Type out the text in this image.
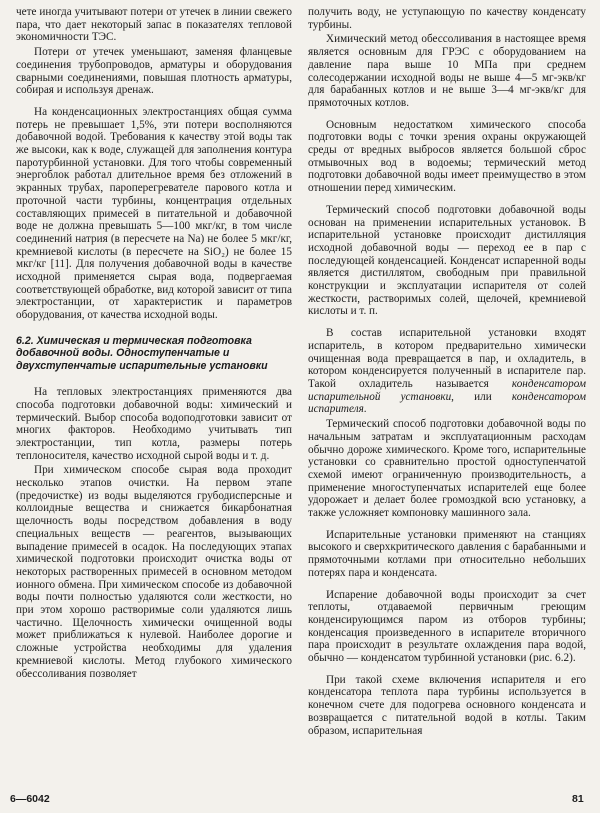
чете иногда учитывают потери от утечек в линии свежего пара, что дает некоторый запас в показателях тепловой экономичности ТЭС.

Потери от утечек уменьшают, заменяя фланцевые соединения трубопроводов, арматуры и оборудования сварными соединениями, повышая плотность арматуры, собирая и используя дренаж.

На конденсационных электростанциях общая сумма потерь не превышает 1,5%, эти потери восполняются добавочной водой. Требования к качеству этой воды так же высоки, как к воде, служащей для заполнения контура паротурбинной установки. Для того чтобы современный энергоблок работал длительное время без отложений в экранных трубах, пароперегревателе парового котла и проточной части турбины, концентрация отдельных составляющих примесей в питательной и добавочной воде не должна превышать 5—100 мкг/кг, в том числе соединений натрия (в пересчете на Na) не более 5 мкг/кг, кремниевой кислоты (в пересчете на SiO₂) не более 15 мкг/кг [11]. Для получения добавочной воды в качестве исходной применяется сырая вода, подвергаемая соответствующей обработке, вид которой зависит от типа электростанции, от характеристик и параметров оборудования, от качества исходной воды.

6.2. Химическая и термическая подготовка добавочной воды. Одноступенчатые и двухступенчатые испарительные установки

На тепловых электростанциях применяются два способа подготовки добавочной воды: химический и термический. Выбор способа водоподготовки зависит от многих факторов. Необходимо учитывать тип электростанции, тип котла, размеры потерь теплоносителя, качество исходной сырой воды и т. д.

При химическом способе сырая вода проходит несколько этапов очистки. На первом этапе (предочистке) из воды выделяются грубодисперсные и коллоидные вещества и снижается бикарбонатная щелочность воды посредством добавления в воду специальных веществ — реагентов, вызывающих выпадение примесей в осадок. На последующих этапах химической подготовки происходит очистка воды от некоторых растворенных примесей в основном методом ионного обмена. При химическом способе из добавочной воды почти полностью удаляются соли жесткости, но при этом хорошо растворимые соли удаляются лишь частично. Щелочность химически очищенной воды может приближаться к нулевой. Наиболее дорогие и сложные устройства необходимы для удаления кремниевой кислоты. Метод глубокого химического обессоливания позволяет

получить воду, не уступающую по качеству конденсату турбины.

Химический метод обессоливания в настоящее время является основным для ГРЭС с оборудованием на давление пара выше 10 МПа при среднем солесодержании исходной воды не выше 4—5 мг-экв/кг для барабанных котлов и не выше 3—4 мг-экв/кг для прямоточных котлов.

Основным недостатком химического способа подготовки воды с точки зрения охраны окружающей среды от вредных выбросов является большой сброс отмывочных вод в водоемы; термический метод подготовки добавочной воды имеет преимущество в этом отношении перед химическим.

Термический способ подготовки добавочной воды основан на применении испарительных установок. В испарительной установке происходит дистилляция исходной добавочной воды — переход ее в пар с последующей конденсацией. Конденсат испаренной воды является дистиллятом, свободным при правильной конструкции и эксплуатации испарителя от солей жесткости, растворимых солей, щелочей, кремниевой кислоты и т. п.

В состав испарительной установки входят испаритель, в котором предварительно химически очищенная вода превращается в пар, и охладитель, в котором конденсируется полученный в испарителе пар. Такой охладитель называется конденсатором испарительной установки, или конденсатором испарителя.

Термический способ подготовки добавочной воды по начальным затратам и эксплуатационным расходам обычно дороже химического. Кроме того, испарительные установки со сравнительно простой одноступенчатой схемой имеют ограниченную производительность, а применение многоступенчатых испарителей еще более удорожает и делает более громоздкой всю установку, а также усложняет компоновку машинного зала.

Испарительные установки применяют на станциях высокого и сверхкритического давления с барабанными и прямоточными котлами при относительно небольших потерях пара и конденсата.

Испарение добавочной воды происходит за счет теплоты, отдаваемой первичным греющим конденсирующимся паром из отборов турбины; конденсация произведенного в испарителе вторичного пара происходит в результате охлаждения пара водой, обычно — конденсатом турбинной установки (рис. 6.2).

При такой схеме включения испарителя и его конденсатора теплота пара турбины используется в конечном счете для подогрева основного конденсата и возвращается с питательной водой в котлы. Таким образом, испарительная

6—6042	81
